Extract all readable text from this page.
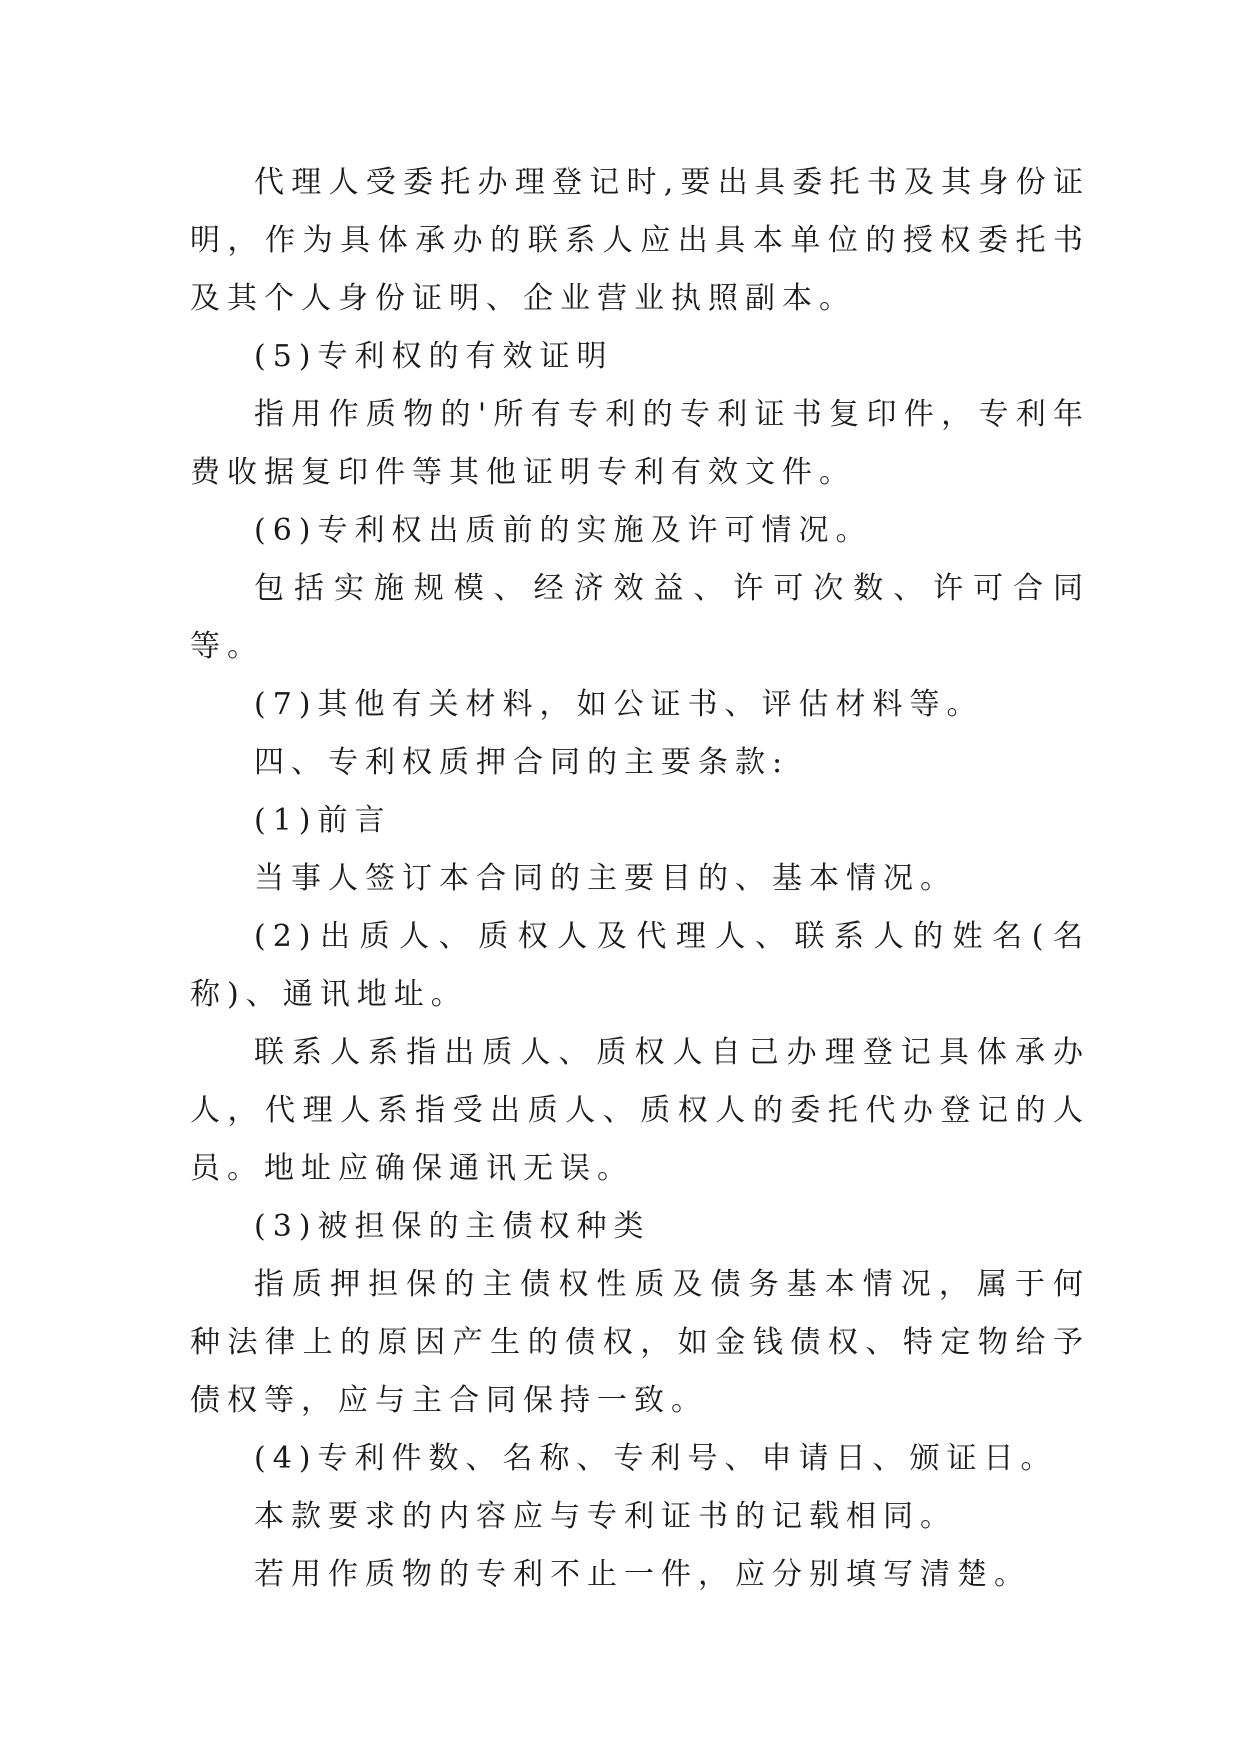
代理人受委托办理登记时,要出具委托书及其身份证明，作为具体承办的联系人应出具本单位的授权委托书及其个人身份证明、企业营业执照副本。

(5)专利权的有效证明

指用作质物的'所有专利的专利证书复印件，专利年费收据复印件等其他证明专利有效文件。

(6)专利权出质前的实施及许可情况。

包括实施规模、经济效益、许可次数、许可合同等。

(7)其他有关材料，如公证书、评估材料等。

四、专利权质押合同的主要条款:

(1)前言

当事人签订本合同的主要目的、基本情况。

(2)出质人、质权人及代理人、联系人的姓名(名称)、通讯地址。

联系人系指出质人、质权人自己办理登记具体承办人，代理人系指受出质人、质权人的委托代办登记的人员。地址应确保通讯无误。

(3)被担保的主债权种类

指质押担保的主债权性质及债务基本情况，属于何种法律上的原因产生的债权，如金钱债权、特定物给予债权等，应与主合同保持一致。

(4)专利件数、名称、专利号、申请日、颁证日。

本款要求的内容应与专利证书的记载相同。

若用作质物的专利不止一件，应分别填写清楚。
